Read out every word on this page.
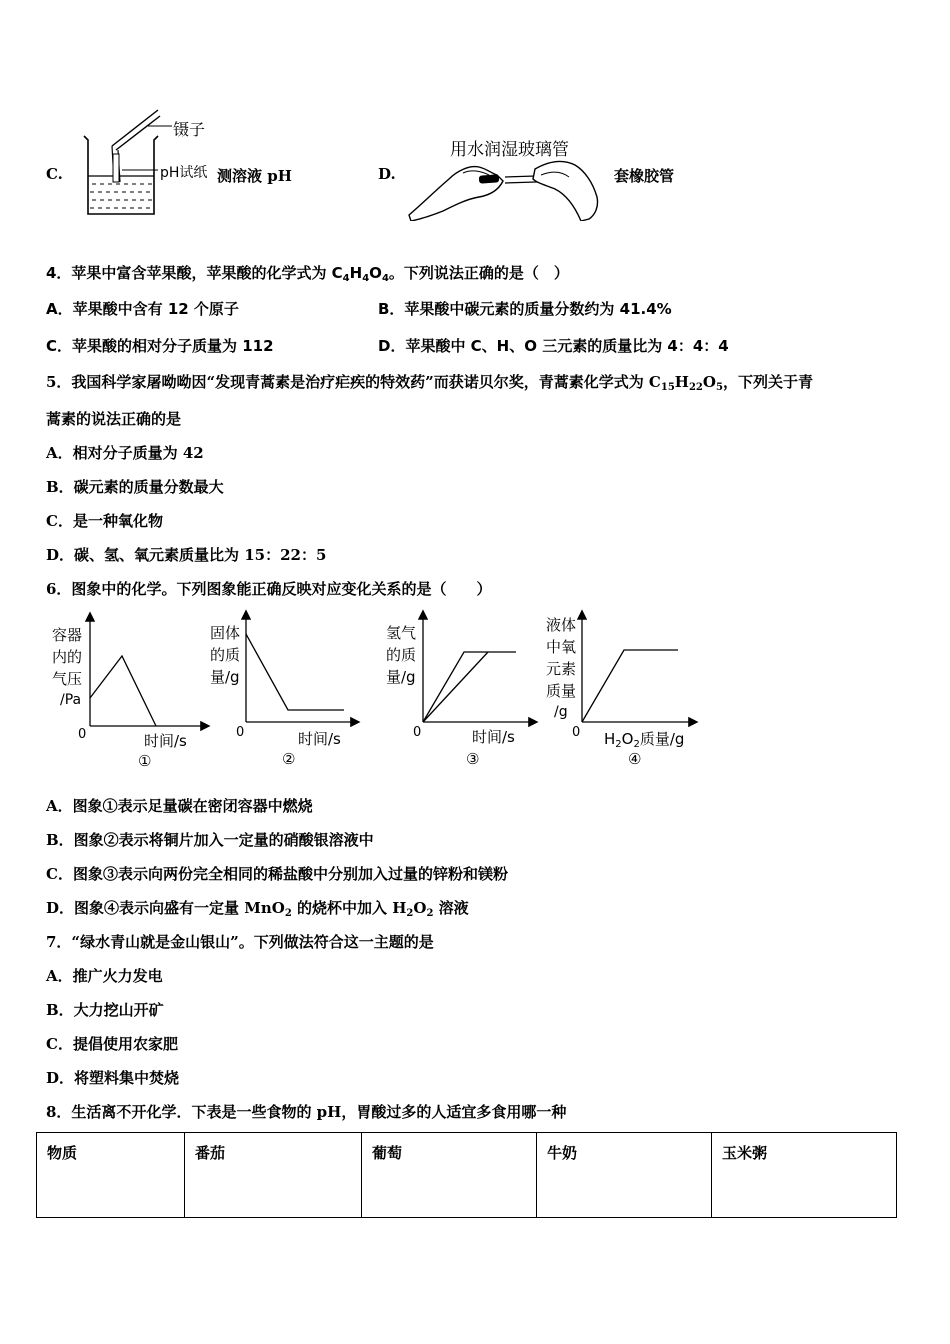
C.
镊子
pH试纸 测溶液 pH	D.
用水润湿玻璃管
套橡胶管
4．苹果中富含苹果酸，苹果酸的化学式为 $C_4H_4O_4$。下列说法正确的是（　）
A．苹果酸中含有 12 个原子	B．苹果酸中碳元素的质量分数约为 41.4%
C．苹果酸的相对分子质量为 112	D．苹果酸中 C、H、O 三元素的质量比为 4：4：4
5．我国科学家屠呦呦因“发现青蒿素是治疗疟疾的特效药”而获诺贝尔奖，青蒿素化学式为 $C_{15}H_{22}O_5$，下列关于青
蒿素的说法正确的是
A．相对分子质量为 42
B．碳元素的质量分数最大
C．是一种氧化物
D．碳、氢、氧元素质量比为 15：22：5
6．图象中的化学。下列图象能正确反映对应变化关系的是（　　）
容器
内的
气压
/Pa
0	时间/s
①
固体
的质
量/g
0	时间/s
②
氢气
的质
量/g
0	时间/s
③
液体
中氧
元素
质量
/g
0 $H_2O_2$质量/g
④
A．图象①表示足量碳在密闭容器中燃烧
B．图象②表示将铜片加入一定量的硝酸银溶液中
C．图象③表示向两份完全相同的稀盐酸中分别加入过量的锌粉和镁粉
D．图象④表示向盛有一定量 MnO$_2$ 的烧杯中加入 $H_2O_2$ 溶液
7．“绿水青山就是金山银山”。下列做法符合这一主题的是
A．推广火力发电
B．大力挖山开矿
C．提倡使用农家肥
D．将塑料集中焚烧
8．生活离不开化学．下表是一些食物的 pH，胃酸过多的人适宜多食用哪一种
物质	番茄	葡萄	牛奶	玉米粥
